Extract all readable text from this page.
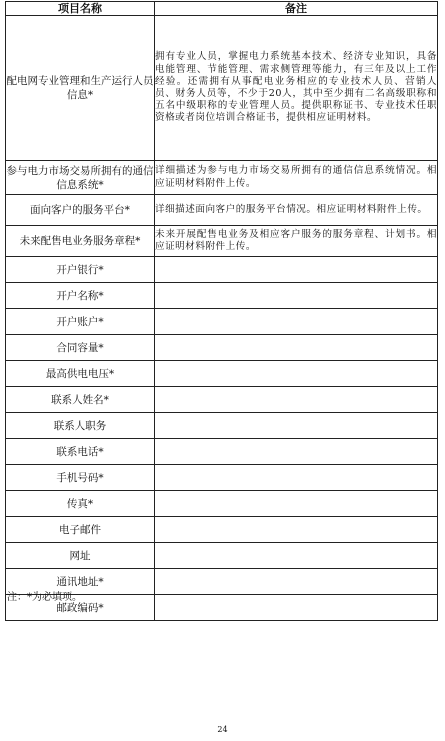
项目名称	备注
配电网专业管理和生产运行人员信息*	拥有专业人员，掌握电力系统基本技术、经济专业知识，具备电能管理、节能管理、需求侧管理等能力，有三年及以上工作经验。还需拥有从事配电业务相应的专业技术人员、营销人员、财务人员等，不少于20人，其中至少拥有二名高级职称和五名中级职称的专业管理人员。提供职称证书、专业技术任职资格或者岗位培训合格证书，提供相应证明材料。
参与电力市场交易所拥有的通信信息系统*	详细描述为参与电力市场交易所拥有的通信信息系统情况。相应证明材料附件上传。
面向客户的服务平台*	详细描述面向客户的服务平台情况。相应证明材料附件上传。
未来配售电业务服务章程*	未来开展配售电业务及相应客户服务的服务章程、计划书。相应证明材料附件上传。
开户银行*	
开户名称*	
开户账户*	
合同容量*	
最高供电电压*	
联系人姓名*	
联系人职务	
联系电话*	
手机号码*	
传真*	
电子邮件	
网址	
通讯地址*	
邮政编码*	
注：*为必填项。
24
